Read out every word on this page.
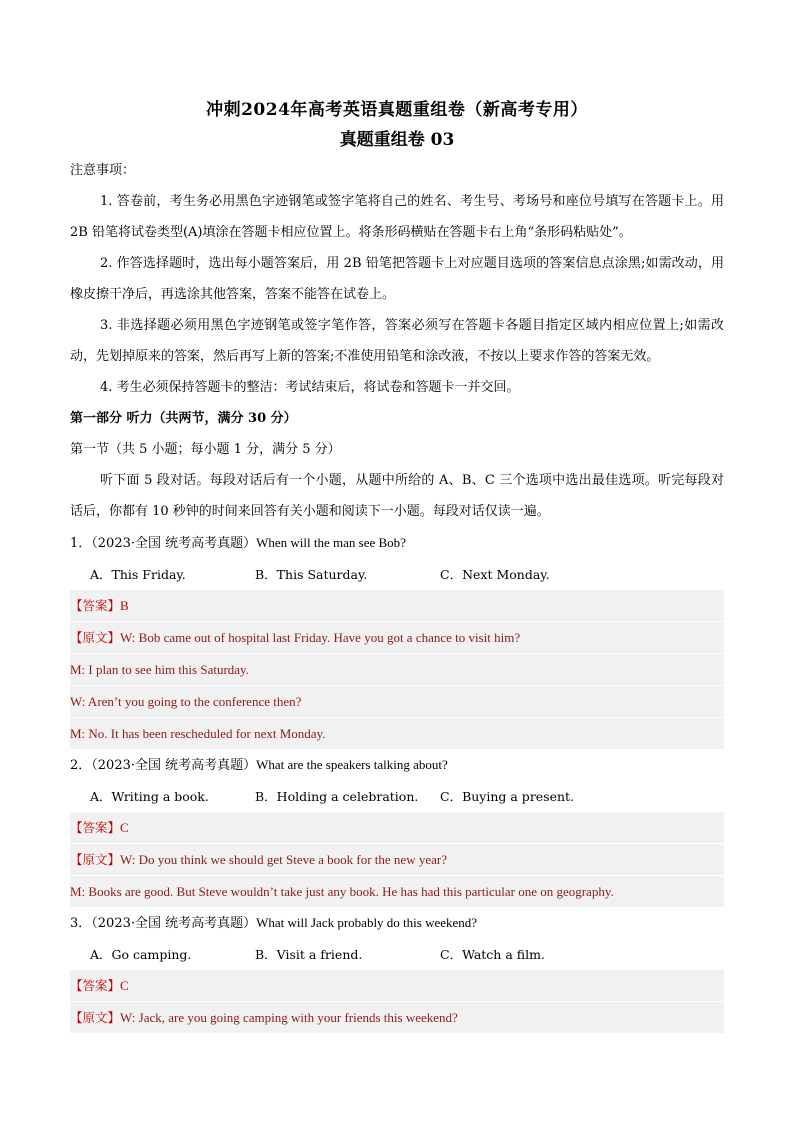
冲刺2024年高考英语真题重组卷（新高考专用）
真题重组卷 03
注意事项：
1. 答卷前，考生务必用黑色字迹钢笔或签字笔将自己的姓名、考生号、考场号和座位号填写在答题卡上。用 2B 铅笔将试卷类型(A)填涂在答题卡相应位置上。将条形码横贴在答题卡右上角“条形码粘贴处”。
2. 作答选择题时，选出每小题答案后，用 2B 铅笔把答题卡上对应题目选项的答案信息点涂黑;如需改动，用橡皮擦干净后，再选涂其他答案，答案不能答在试卷上。
3. 非选择题必须用黑色字迹钢笔或签字笔作答，答案必须写在答题卡各题目指定区域内相应位置上;如需改动，先划掉原来的答案，然后再写上新的答案;不准使用铅笔和涂改液，不按以上要求作答的答案无效。
4. 考生必须保持答题卡的整洁：考试结束后，将试卷和答题卡一并交回。
第一部分 听力（共两节，满分 30 分）
第一节（共 5 小题；每小题 1 分，满分 5 分）
听下面 5 段对话。每段对话后有一个小题，从题中所给的 A、B、C 三个选项中选出最佳选项。听完每段对话后，你都有 10 秒钟的时间来回答有关小题和阅读下一小题。每段对话仅读一遍。
1．（2023·全国 统考高考真题）When will the man see Bob?
A．This Friday.	B．This Saturday.	C．Next Monday.
【答案】B
【原文】W: Bob came out of hospital last Friday. Have you got a chance to visit him?
M: I plan to see him this Saturday.
W: Aren’t you going to the conference then?
M: No. It has been rescheduled for next Monday.
2．（2023·全国 统考高考真题）What are the speakers talking about?
A．Writing a book.	B．Holding a celebration.	C．Buying a present.
【答案】C
【原文】W: Do you think we should get Steve a book for the new year?
M: Books are good. But Steve wouldn’t take just any book. He has had this particular one on geography.
3．（2023·全国 统考高考真题）What will Jack probably do this weekend?
A．Go camping.	B．Visit a friend.	C．Watch a film.
【答案】C
【原文】W: Jack, are you going camping with your friends this weekend?
